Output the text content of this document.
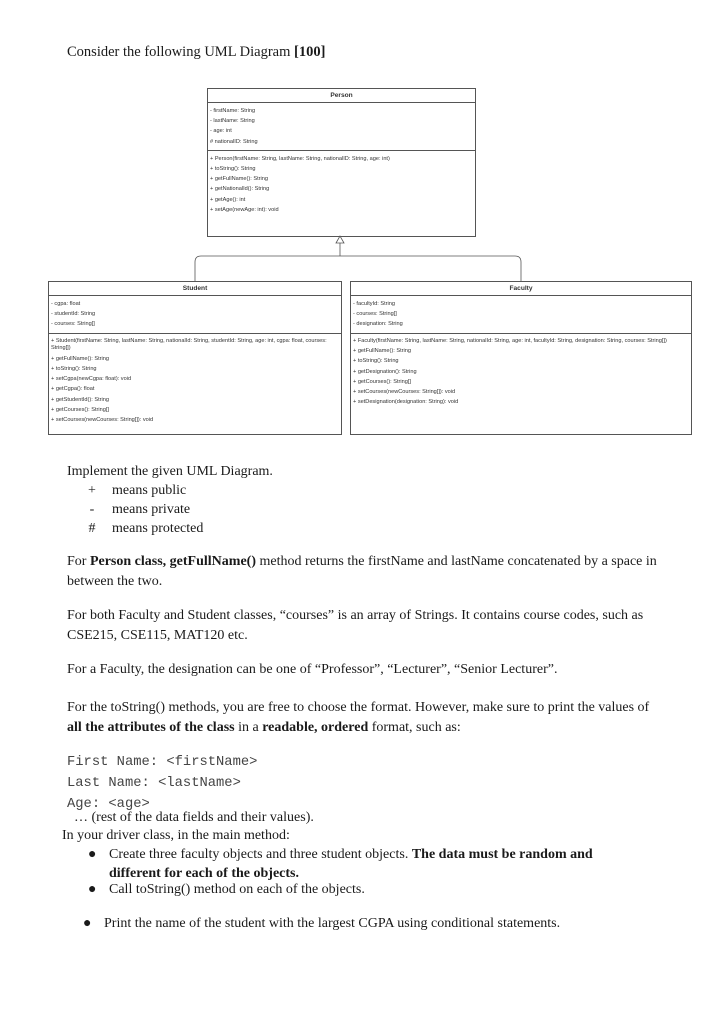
Consider the following UML Diagram [100]
Person
- firstName: String
- lastName: String
- age: int
# nationalID: String
+ Person(firstName: String, lastName: String, nationalID: String, age: int)
+ toString(): String
+ getFullName(): String
+ getNationalId(): String
+ getAge(): int
+ setAge(newAge: int): void
Student
- cgpa: float
- studentId: String
- courses: String[]
+ Student(firstName: String, lastName: String, nationalId: String, studentId: String, age: int, cgpa: float, courses: String[])
+ getFullName(): String
+ toString(): String
+ setCgpa(newCgpa: float): void
+ getCgpa(): float
+ getStudentId(): String
+ getCourses(): String[]
+ setCourses(newCourses: String[]): void
Faculty
- facultyId: String
- courses: String[]
- designation: String
+ Faculty(firstName: String, lastName: String, nationalId: String, age: int, facultyId: String, designation: String, courses: String[])
+ getFullName(): String
+ toString(): String
+ getDesignation(): String
+ getCourses(): String[]
+ setCourses(newCourses: String[]): void
+ setDesignation(designation: String): void
Implement the given UML Diagram.
+ means public
- means private
# means protected
For Person class, getFullName() method returns the firstName and lastName concatenated by a space in between the two.
For both Faculty and Student classes, “courses” is an array of Strings. It contains course codes, such as CSE215, CSE115, MAT120 etc.
For a Faculty, the designation can be one of “Professor”, “Lecturer”, “Senior Lecturer”.
For the toString() methods, you are free to choose the format. However, make sure to print the values of all the attributes of the class in a readable, ordered format, such as:
First Name: <firstName>
Last Name: <lastName>
Age: <age>
… (rest of the data fields and their values).
In your driver class, in the main method:
● Create three faculty objects and three student objects. The data must be random and different for each of the objects.
● Call toString() method on each of the objects.
● Print the name of the student with the largest CGPA using conditional statements.
